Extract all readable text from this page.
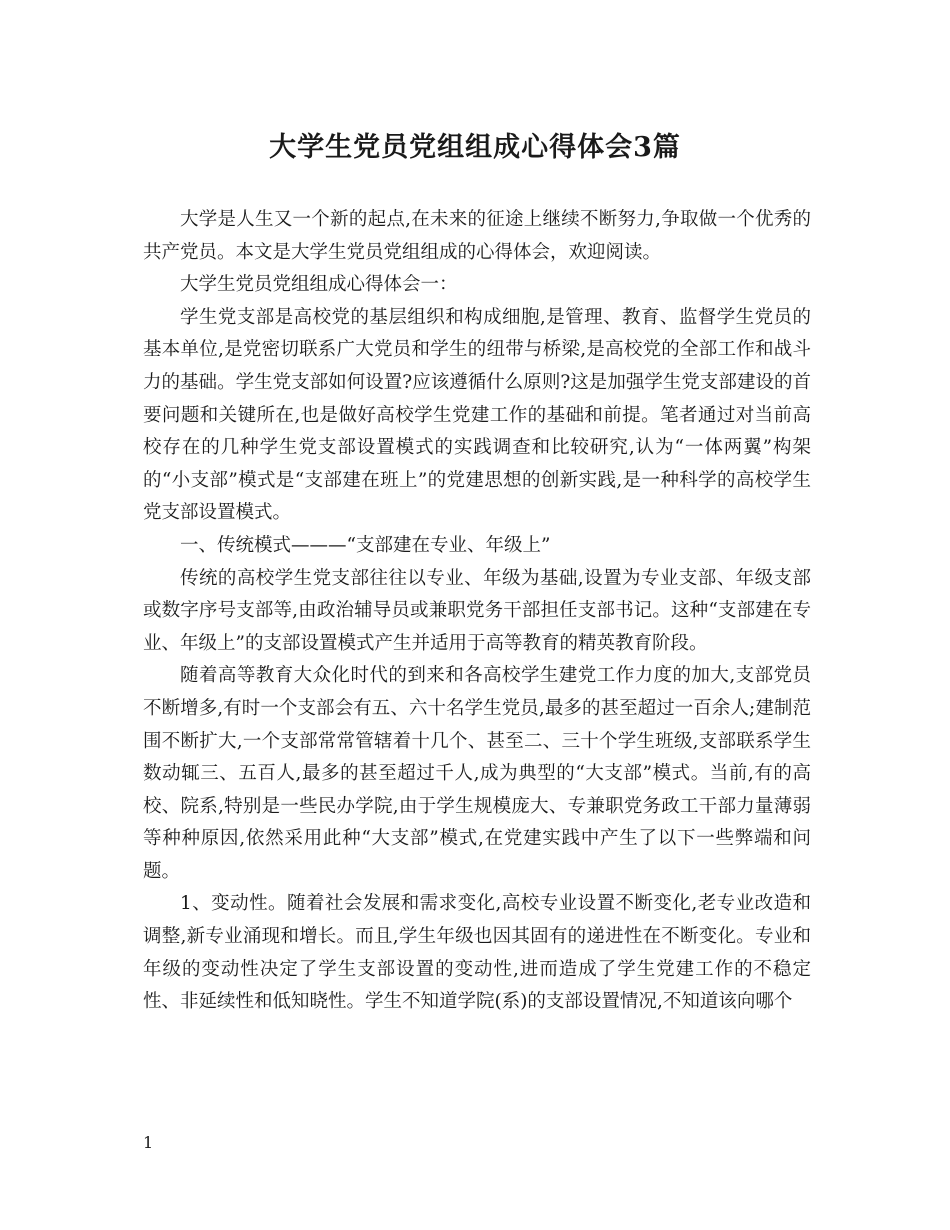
大学生党员党组组成心得体会3篇

大学是人生又一个新的起点,在未来的征途上继续不断努力,争取做一个优秀的共产党员。本文是大学生党员党组组成的心得体会，欢迎阅读。

大学生党员党组组成心得体会一：

学生党支部是高校党的基层组织和构成细胞,是管理、教育、监督学生党员的基本单位,是党密切联系广大党员和学生的纽带与桥梁,是高校党的全部工作和战斗力的基础。学生党支部如何设置?应该遵循什么原则?这是加强学生党支部建设的首要问题和关键所在,也是做好高校学生党建工作的基础和前提。笔者通过对当前高校存在的几种学生党支部设置模式的实践调查和比较研究,认为“一体两翼”构架的“小支部”模式是“支部建在班上”的党建思想的创新实践,是一种科学的高校学生党支部设置模式。

一、传统模式———“支部建在专业、年级上”

传统的高校学生党支部往往以专业、年级为基础,设置为专业支部、年级支部或数字序号支部等,由政治辅导员或兼职党务干部担任支部书记。这种“支部建在专业、年级上”的支部设置模式产生并适用于高等教育的精英教育阶段。

随着高等教育大众化时代的到来和各高校学生建党工作力度的加大,支部党员不断增多,有时一个支部会有五、六十名学生党员,最多的甚至超过一百余人;建制范围不断扩大,一个支部常常管辖着十几个、甚至二、三十个学生班级,支部联系学生数动辄三、五百人,最多的甚至超过千人,成为典型的“大支部”模式。当前,有的高校、院系,特别是一些民办学院,由于学生规模庞大、专兼职党务政工干部力量薄弱等种种原因,依然采用此种“大支部”模式,在党建实践中产生了以下一些弊端和问题。

1、变动性。随着社会发展和需求变化,高校专业设置不断变化,老专业改造和调整,新专业涌现和增长。而且,学生年级也因其固有的递进性在不断变化。专业和年级的变动性决定了学生支部设置的变动性,进而造成了学生党建工作的不稳定性、非延续性和低知晓性。学生不知道学院(系)的支部设置情况,不知道该向哪个

1
